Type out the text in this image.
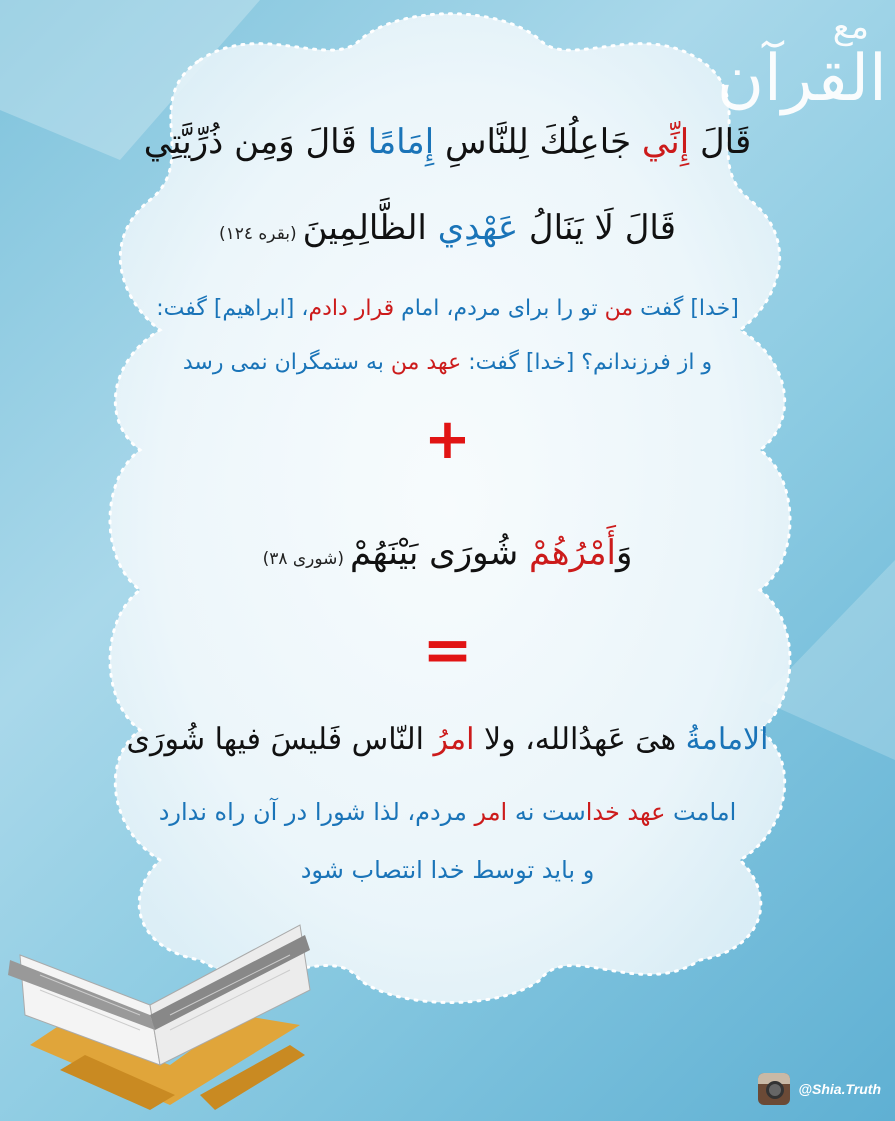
مع
القرآن
قَالَ إِنِّي جَاعِلُكَ لِلنَّاسِ إِمَامًا قَالَ وَمِن ذُرِّيَّتِي
قَالَ لَا يَنَالُ عَهْدِي الظَّالِمِينَ(بقره ١٢٤)
[خدا] گفت من تو را برای مردم، امام قرار دادم، [ابراهیم] گفت:
و از فرزندانم؟ [خدا] گفت: عهد من به ستمگران نمی رسد
+
وَأَمْرُهُمْ شُورَى بَيْنَهُمْ(شوری ٣٨)
=
الامامةُ هیَ عَهدُالله، ولا امرُ النّاس فَلیسَ فیها شُورَی
امامت عهد خداست نه امر مردم، لذا شورا در آن راه ندارد
و باید توسط خدا انتصاب شود
@Shia.Truth
